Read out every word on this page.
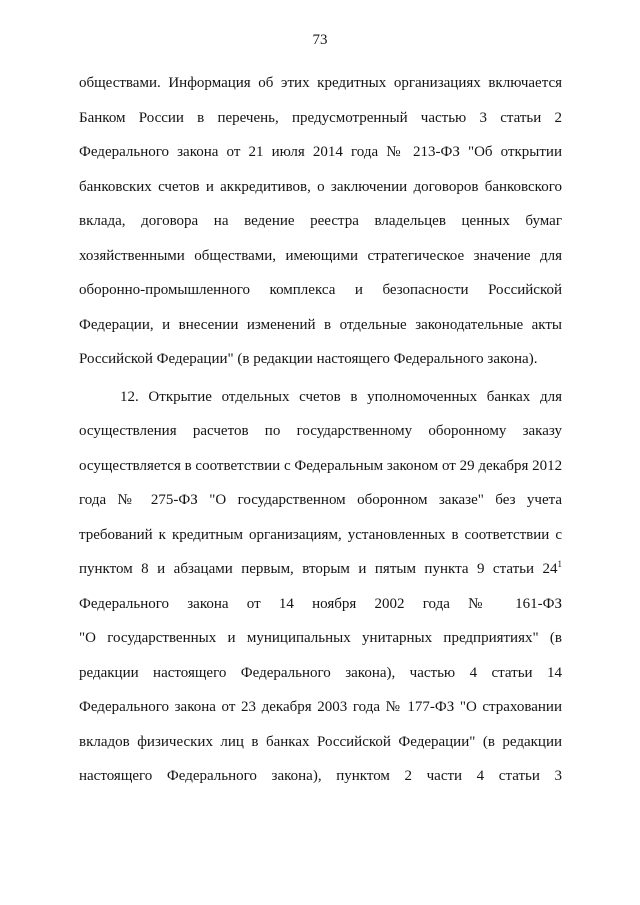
73
обществами. Информация об этих кредитных организациях включается
Банком России в перечень, предусмотренный частью 3 статьи 2
Федерального закона от 21 июля 2014 года № 213-ФЗ "Об открытии
банковских счетов и аккредитивов, о заключении договоров банковского
вклада, договора на ведение реестра владельцев ценных бумаг
хозяйственными обществами, имеющими стратегическое значение для
оборонно-промышленного комплекса и безопасности Российской
Федерации, и внесении изменений в отдельные законодательные акты
Российской Федерации" (в редакции настоящего Федерального закона).
12. Открытие отдельных счетов в уполномоченных банках для
осуществления расчетов по государственному оборонному заказу
осуществляется в соответствии с Федеральным законом от 29 декабря 2012
года № 275-ФЗ "О государственном оборонном заказе" без учета
требований к кредитным организациям, установленных в соответствии с
пунктом 8 и абзацами первым, вторым и пятым пункта 9 статьи $24^1$
Федерального закона от 14 ноября 2002 года № 161-ФЗ
"О государственных и муниципальных унитарных предприятиях" (в
редакции настоящего Федерального закона), частью 4 статьи 14
Федерального закона от 23 декабря 2003 года № 177-ФЗ "О страховании
вкладов физических лиц в банках Российской Федерации" (в редакции
настоящего Федерального закона), пунктом 2 части 4 статьи 3
